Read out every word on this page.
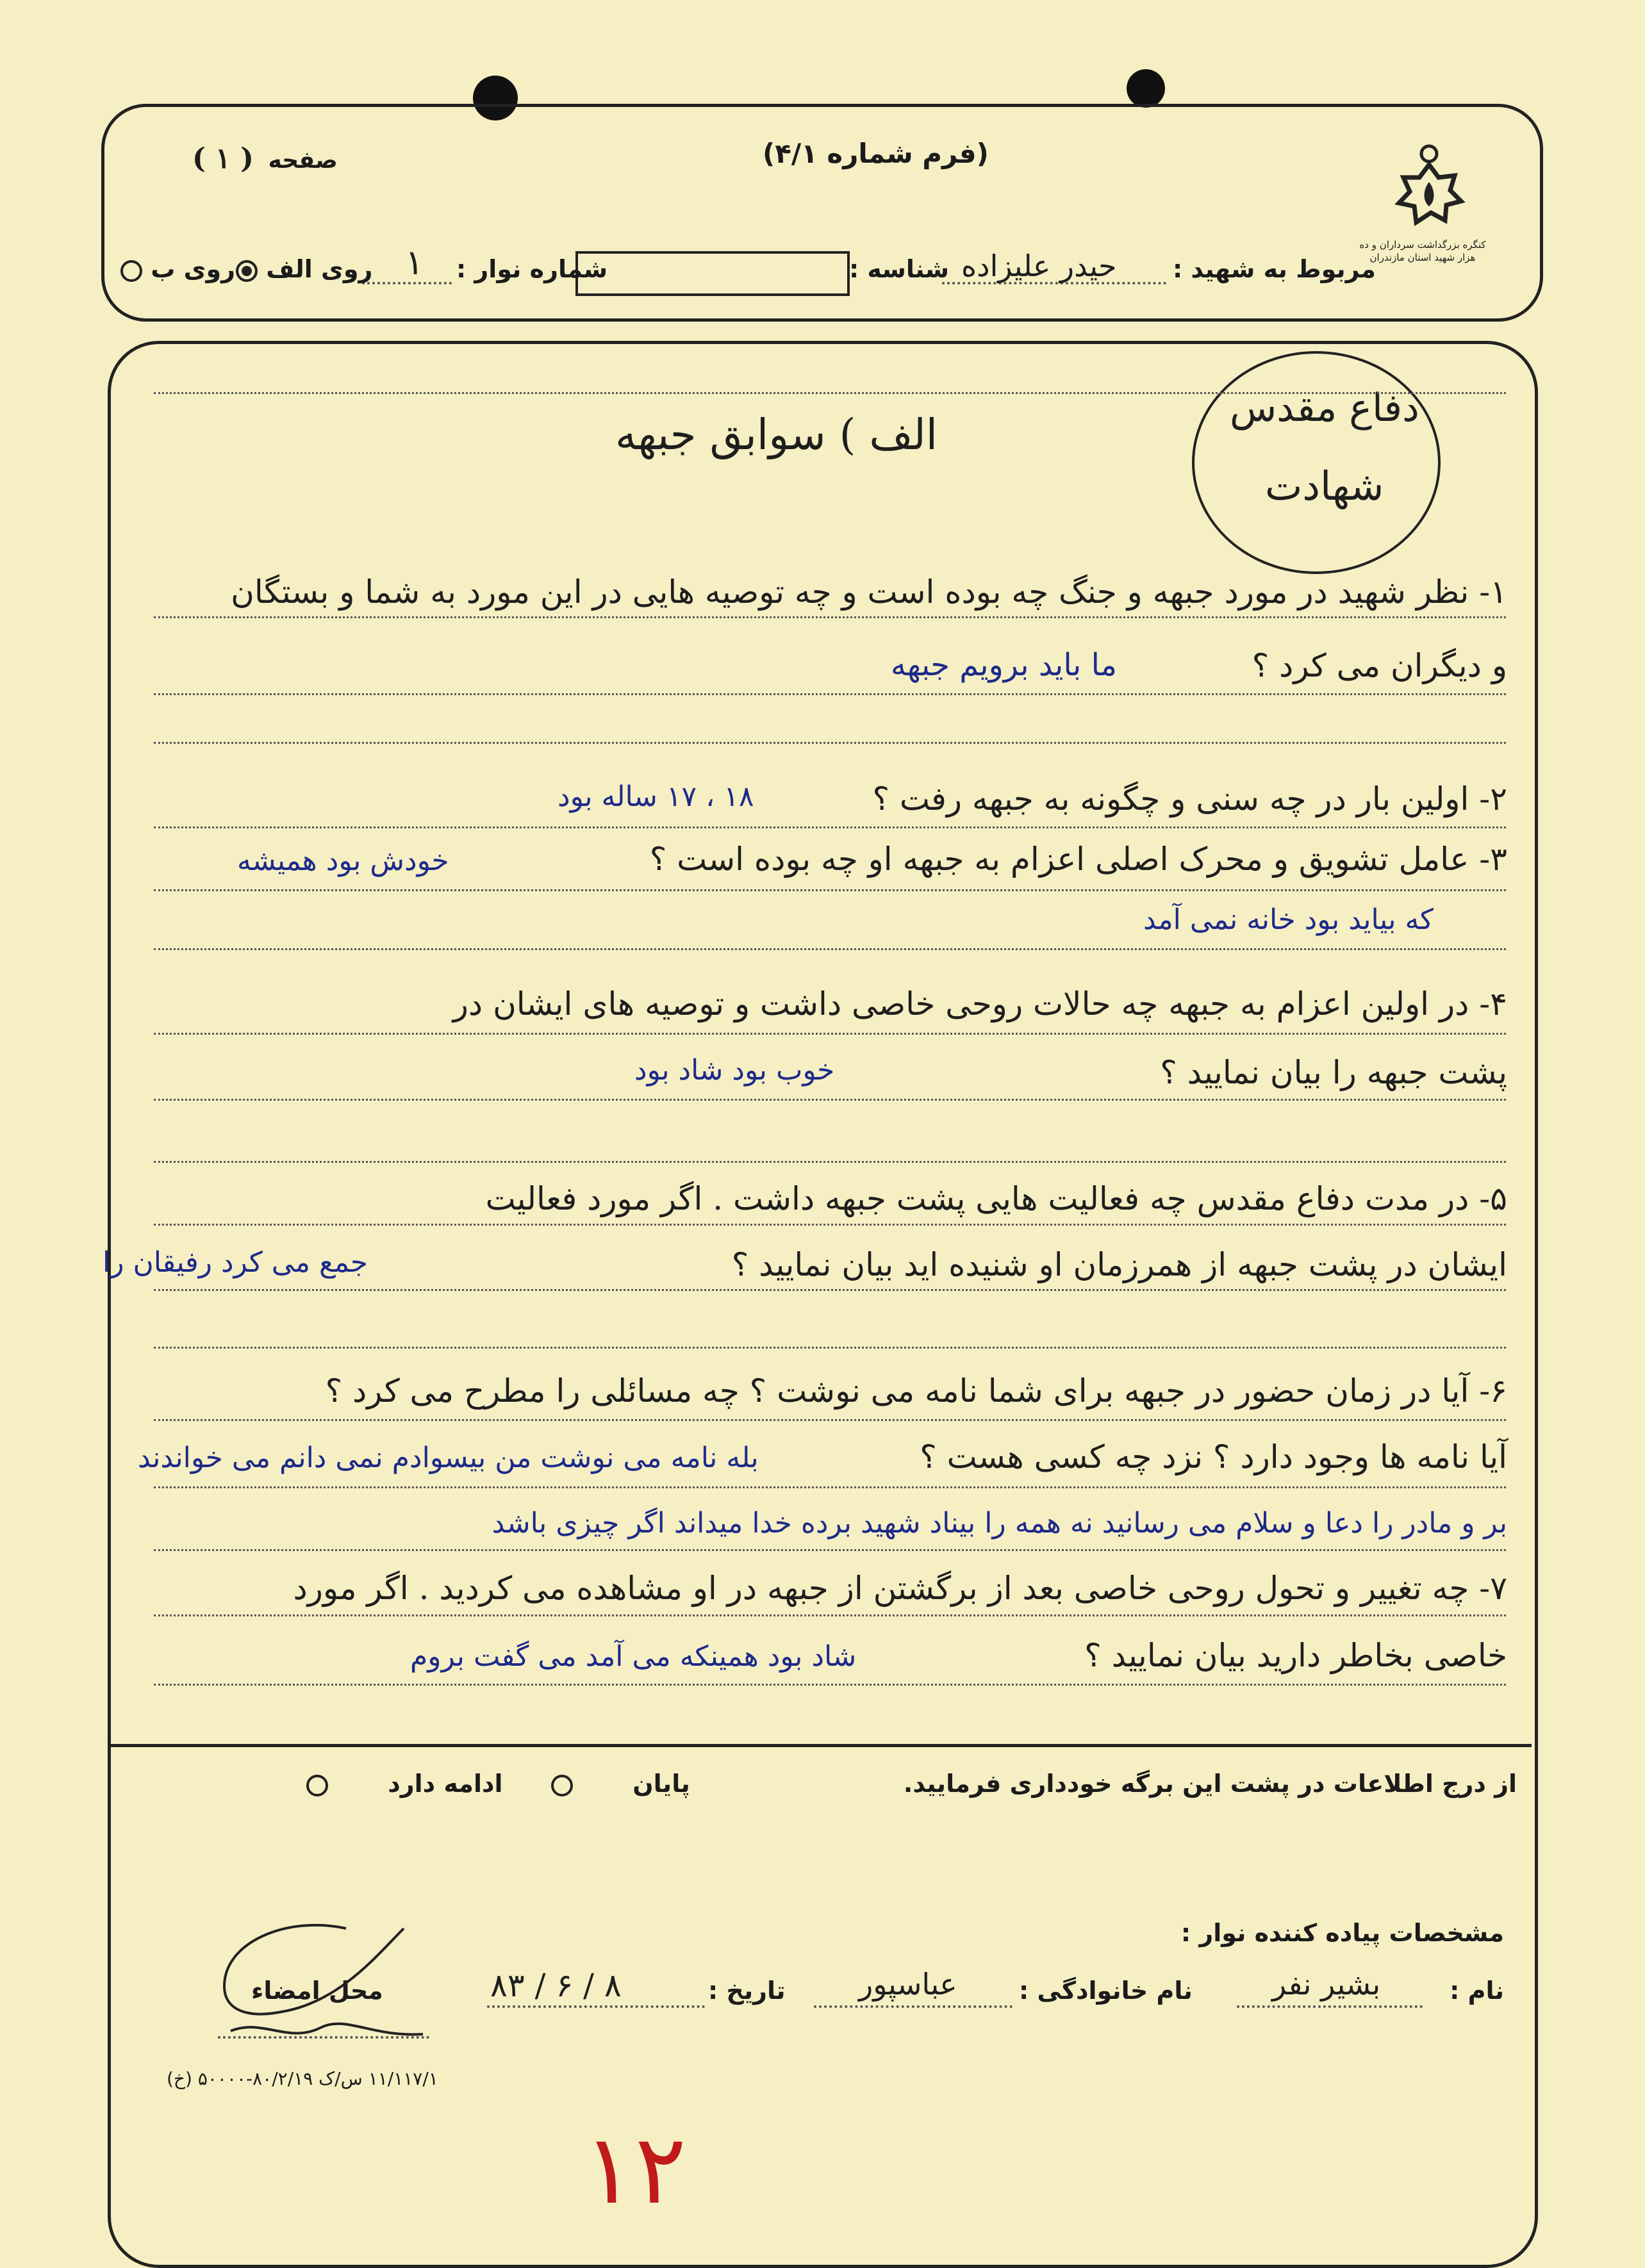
صفحه ( ۱ )	(فرم شماره ۴/۱)
کنگره بزرگداشت سرداران و ده هزار شهید استان مازندران
مربوط به شهید :
حیدر علیزاده
شناسه :
شماره نوار :
۱
روی الف
روی ب
دفاع مقدس
شهادت
الف ) سوابق جبهه
۱- نظر شهید در مورد جبهه و جنگ چه بوده است و چه توصیه هایی در این مورد به شما و بستگان
و دیگران می کرد ؟
ما باید برویم جبهه
۲- اولین بار در چه سنی و چگونه به جبهه رفت ؟
۱۸ ، ۱۷ ساله بود
۳- عامل تشویق و محرک اصلی اعزام به جبهه او چه بوده است ؟
خودش بود همیشه
که بیاید بود خانه نمی آمد
۴- در اولین اعزام به جبهه چه حالات روحی خاصی داشت و توصیه های ایشان در
پشت جبهه را بیان نمایید ؟
خوب بود شاد بود
۵- در مدت دفاع مقدس چه فعالیت هایی پشت جبهه داشت . اگر مورد فعالیت
ایشان در پشت جبهه از همرزمان او شنیده اید بیان نمایید ؟
جمع می کرد رفیقان را
۶- آیا در زمان حضور در جبهه برای شما نامه می نوشت ؟ چه مسائلی را مطرح می کرد ؟
آیا نامه ها وجود دارد ؟ نزد چه کسی هست ؟
بله نامه می نوشت من بیسوادم نمی دانم می خواندند
بر و مادر را دعا و سلام می رسانید نه همه را بیناد شهید برده خدا میداند اگر چیزی باشد
۷- چه تغییر و تحول روحی خاصی بعد از برگشتن از جبهه در او مشاهده می کردید . اگر مورد
خاصی بخاطر دارید بیان نمایید ؟
شاد بود همینکه می آمد می گفت بروم
از درج اطلاعات در پشت این برگه خودداری فرمایید.
پایان
ادامه دارد
مشخصات پیاده کننده نوار :
نام :
بشیر نفر
نام خانوادگی :
عباسپور
تاریخ :
۸۳ / ۶ / ۸
محل امضاء
۱۱/۱۱۷/۱ س/ک ۸۰/۲/۱۹-۵۰۰۰۰ (خ)
۱۲
